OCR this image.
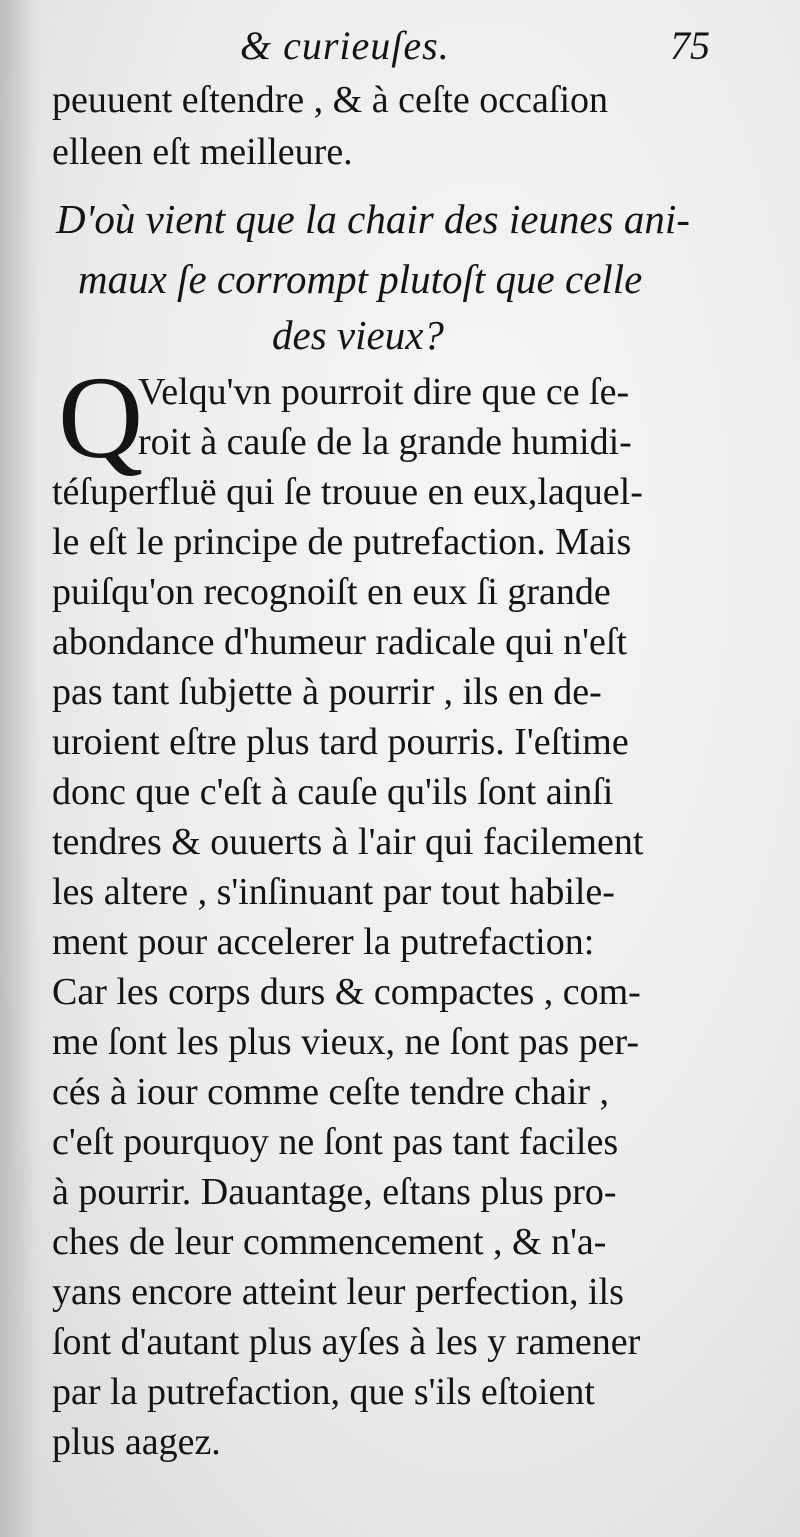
& curieuſes.	75
peuuent eſtendre , & à ceſte occaſion
elleen eſt meilleure.
D'où vient que la chair des ieunes ani-
maux ſe corrompt plutoſt que celle
des vieux?
Q
Velqu'vn pourroit dire que ce ſe-
roit à cauſe de la grande humidi-
téſuperfluë qui ſe trouue en eux,laquel-
le eſt le principe de putrefaction. Mais
puiſqu'on recognoiſt en eux ſi grande
abondance d'humeur radicale qui n'eſt
pas tant ſubjette à pourrir , ils en de-
uroient eſtre plus tard pourris. I'eſtime
donc que c'eſt à cauſe qu'ils ſont ainſi
tendres & ouuerts à l'air qui facilement
les altere , s'inſinuant par tout habile-
ment pour accelerer la putrefaction:
Car les corps durs & compactes , com-
me ſont les plus vieux, ne ſont pas per-
cés à iour comme ceſte tendre chair ,
c'eſt pourquoy ne ſont pas tant faciles
à pourrir. Dauantage, eſtans plus pro-
ches de leur commencement , & n'a-
yans encore atteint leur perfection, ils
ſont d'autant plus ayſes à les y ramener
par la putrefaction, que s'ils eſtoient
plus aagez.
